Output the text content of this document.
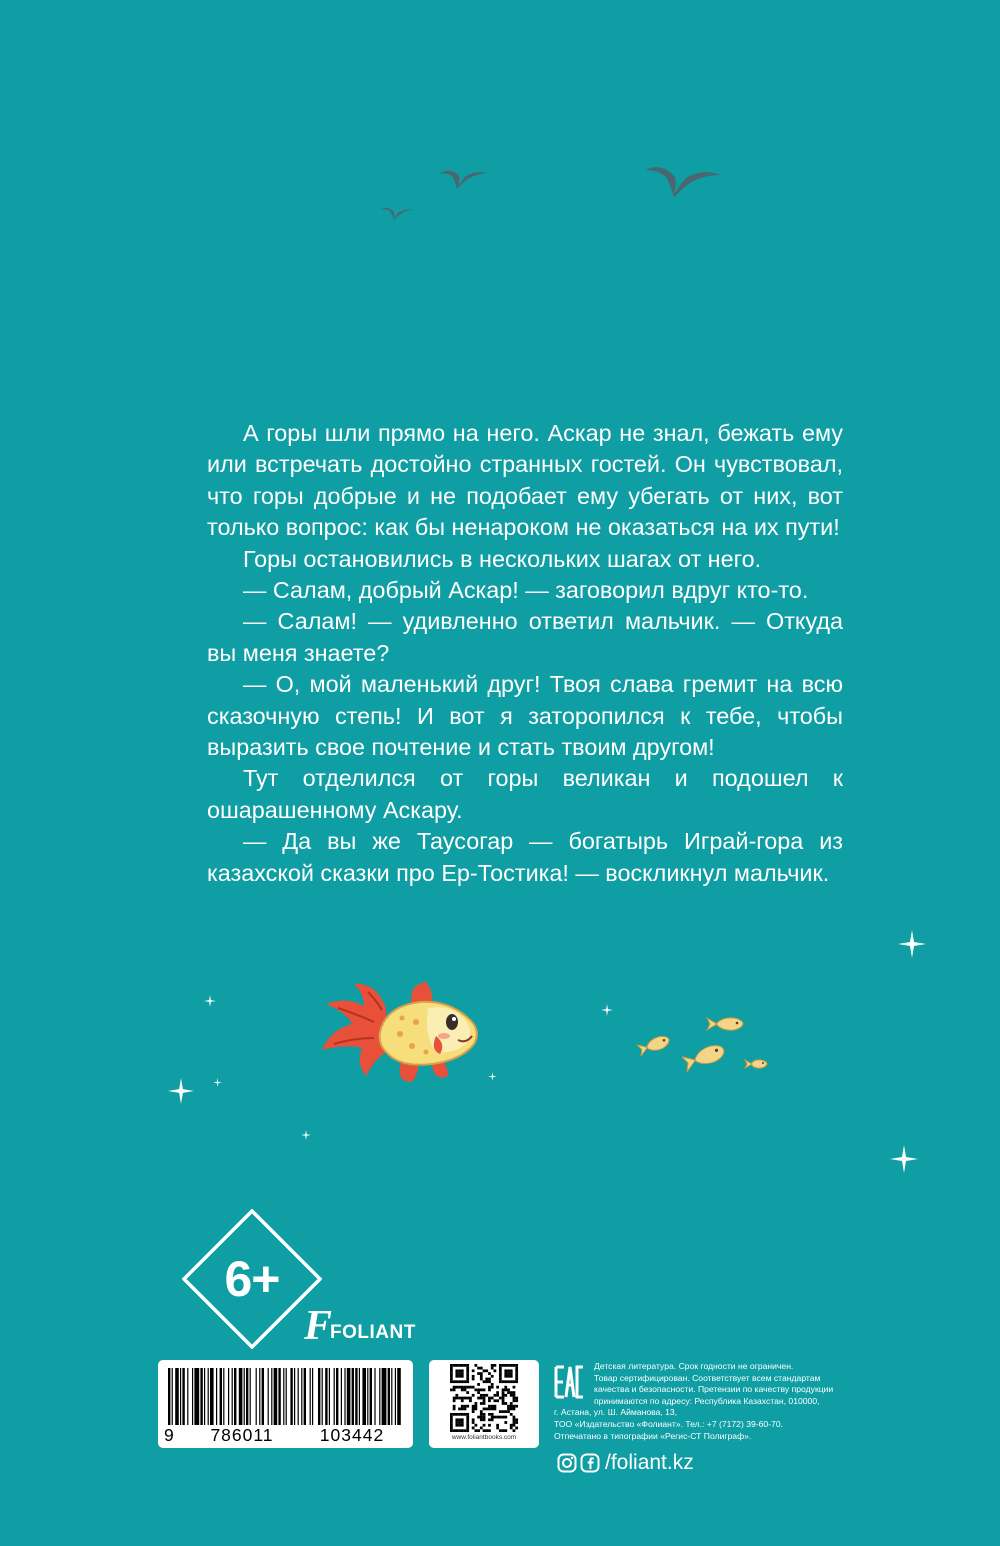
А горы шли прямо на него. Аскар не знал, бежать ему или встречать достойно странных гостей. Он чувствовал, что горы добрые и не подобает ему убегать от них, вот только вопрос: как бы ненароком не оказаться на их пути!

Горы остановились в нескольких шагах от него.

— Салам, добрый Аскар! — заговорил вдруг кто-то.

— Салам! — удивленно ответил мальчик. — Откуда вы меня знаете?

— О, мой маленький друг! Твоя слава гремит на всю сказочную степь! И вот я заторопился к тебе, чтобы выразить свое почтение и стать твоим другом!

Тут отделился от горы великан и подошел к ошарашенному Аскару.

— Да вы же Таусогар — богатырь Играй-гора из казахской сказки про Ер-Тостика! — воскликнул мальчик.

6+
F
FOLIANT
9	786011	103442	www.foliantbooks.com
Детская литература. Срок годности не ограничен.
Товар сертифицирован. Соответствует всем стандартам
качества и безопасности. Претензии по качеству продукции
принимаются по адресу: Республика Казахстан, 010000,
г. Астана, ул. Ш. Айманова, 13,
ТОО «Издательство «Фолиант». Тел.: +7 (7172) 39-60-70.
Отпечатано в типографии «Регис-СТ Полиграф».
/foliant.kz
